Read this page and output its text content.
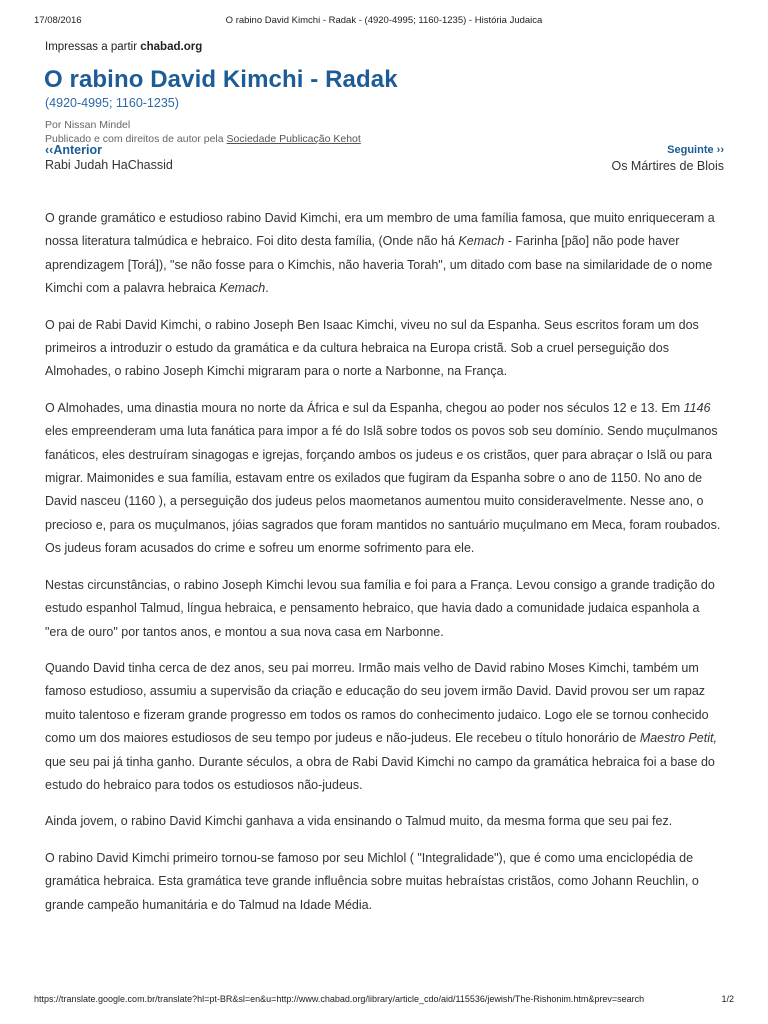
17/08/2016	O rabino David Kimchi - Radak - (4920-4995; 1160-1235) - História Judaica
Impressas a partir chabad.org
O rabino David Kimchi - Radak
(4920-4995; 1160-1235)
Por Nissan Mindel
Publicado e com direitos de autor pela Sociedade Publicação Kehot
‹‹Anterior
Rabi Judah HaChassid
Seguinte ››
Os Mártires de Blois

O grande gramático e estudioso rabino David Kimchi, era um membro de uma família famosa, que muito enriqueceram a nossa literatura talmúdica e hebraico. Foi dito desta família, (Onde não há Kemach - Farinha [pão] não pode haver aprendizagem [Torá]), "se não fosse para o Kimchis, não haveria Torah", um ditado com base na similaridade de o nome Kimchi com a palavra hebraica Kemach.

O pai de Rabi David Kimchi, o rabino Joseph Ben Isaac Kimchi, viveu no sul da Espanha. Seus escritos foram um dos primeiros a introduzir o estudo da gramática e da cultura hebraica na Europa cristã. Sob a cruel perseguição dos Almohades, o rabino Joseph Kimchi migraram para o norte a Narbonne, na França.

O Almohades, uma dinastia moura no norte da África e sul da Espanha, chegou ao poder nos séculos 12 e 13. Em 1146 eles empreenderam uma luta fanática para impor a fé do Islã sobre todos os povos sob seu domínio. Sendo muçulmanos fanáticos, eles destruíram sinagogas e igrejas, forçando ambos os judeus e os cristãos, quer para abraçar o Islã ou para migrar. Maimonides e sua família, estavam entre os exilados que fugiram da Espanha sobre o ano de 1150. No ano de David nasceu (1160 ), a perseguição dos judeus pelos maometanos aumentou muito consideravelmente. Nesse ano, o precioso e, para os muçulmanos, jóias sagrados que foram mantidos no santuário muçulmano em Meca, foram roubados. Os judeus foram acusados do crime e sofreu um enorme sofrimento para ele.

Nestas circunstâncias, o rabino Joseph Kimchi levou sua família e foi para a França. Levou consigo a grande tradição do estudo espanhol Talmud, língua hebraica, e pensamento hebraico, que havia dado a comunidade judaica espanhola a "era de ouro" por tantos anos, e montou a sua nova casa em Narbonne.

Quando David tinha cerca de dez anos, seu pai morreu. Irmão mais velho de David rabino Moses Kimchi, também um famoso estudioso, assumiu a supervisão da criação e educação do seu jovem irmão David. David provou ser um rapaz muito talentoso e fizeram grande progresso em todos os ramos do conhecimento judaico. Logo ele se tornou conhecido como um dos maiores estudiosos de seu tempo por judeus e não-judeus. Ele recebeu o título honorário de Maestro Petit, que seu pai já tinha ganho. Durante séculos, a obra de Rabi David Kimchi no campo da gramática hebraica foi a base do estudo do hebraico para todos os estudiosos não-judeus.

Ainda jovem, o rabino David Kimchi ganhava a vida ensinando o Talmud muito, da mesma forma que seu pai fez.

O rabino David Kimchi primeiro tornou-se famoso por seu Michlol ( "Integralidade"), que é como uma enciclopédia de gramática hebraica. Esta gramática teve grande influência sobre muitas hebraístas cristãos, como Johann Reuchlin, o grande campeão humanitária e do Talmud na Idade Média.

https://translate.google.com.br/translate?hl=pt-BR&sl=en&u=http://www.chabad.org/library/article_cdo/aid/115536/jewish/The-Rishonim.htm&prev=search	1/2
